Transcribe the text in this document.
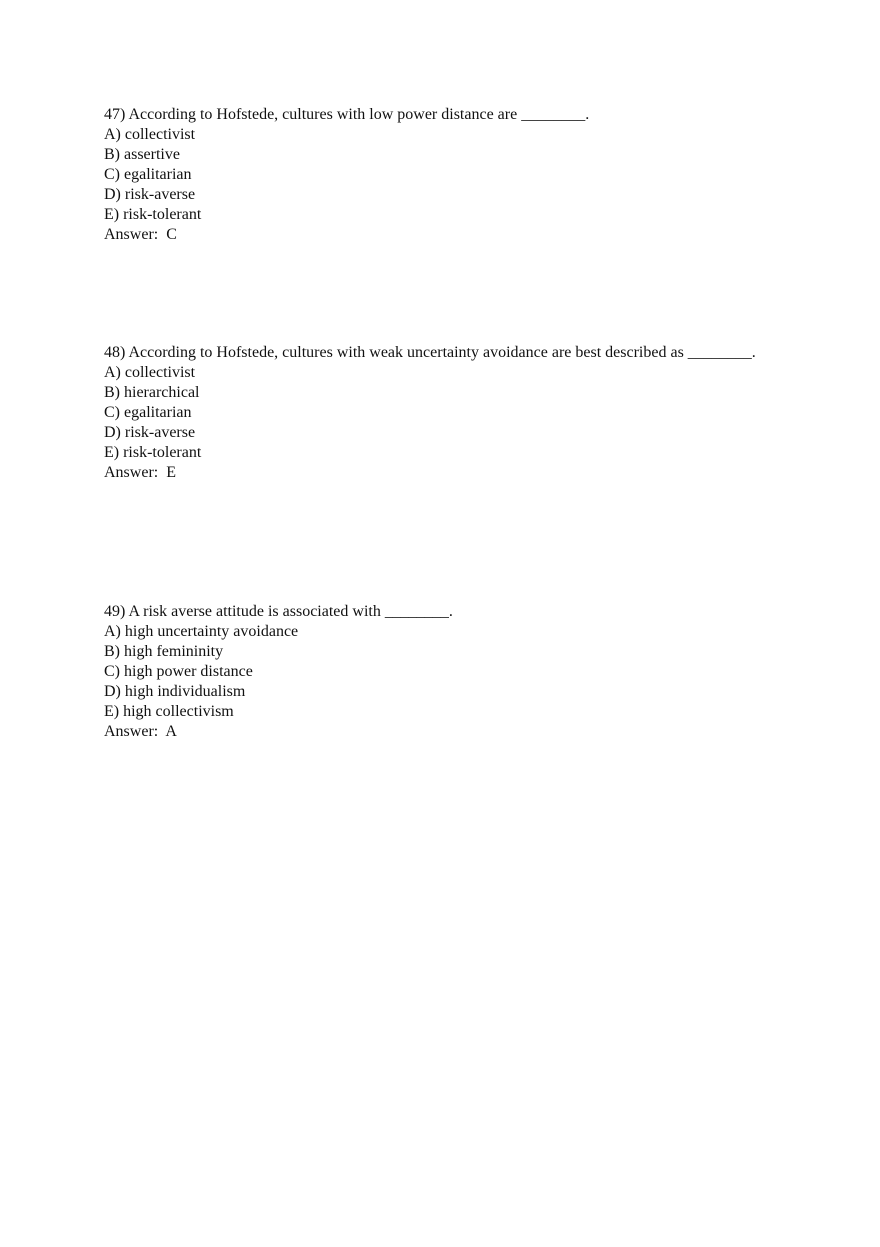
47) According to Hofstede, cultures with low power distance are ________.
A) collectivist
B) assertive
C) egalitarian
D) risk-averse
E) risk-tolerant
Answer:  C
48) According to Hofstede, cultures with weak uncertainty avoidance are best described as ________.
A) collectivist
B) hierarchical
C) egalitarian
D) risk-averse
E) risk-tolerant
Answer:  E
49) A risk averse attitude is associated with ________.
A) high uncertainty avoidance
B) high femininity
C) high power distance
D) high individualism
E) high collectivism
Answer:  A
